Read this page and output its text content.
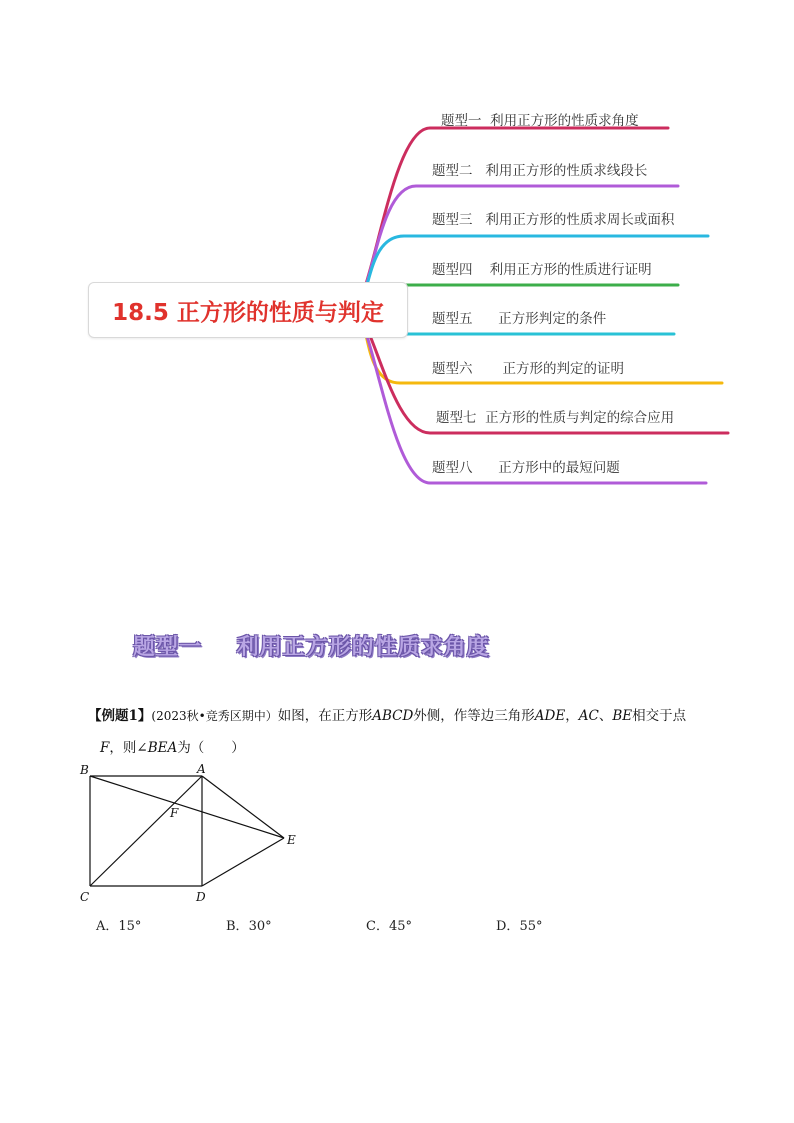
18.5 正方形的性质与判定
题型一  利用正方形的性质求角度
题型二   利用正方形的性质求线段长
题型三   利用正方形的性质求周长或面积
题型四    利用正方形的性质进行证明
题型五      正方形判定的条件
题型六       正方形的判定的证明
题型七  正方形的性质与判定的综合应用
题型八      正方形中的最短问题
题型一    利用正方形的性质求角度
【例题1】(2023秋•竞秀区期中）如图，在正方形ABCD外侧，作等边三角形ADE，AC、BE相交于点
F，则∠BEA为（　　）
B	A
F
E
C	D
A．15°	B．30°	C．45°	D．55°
